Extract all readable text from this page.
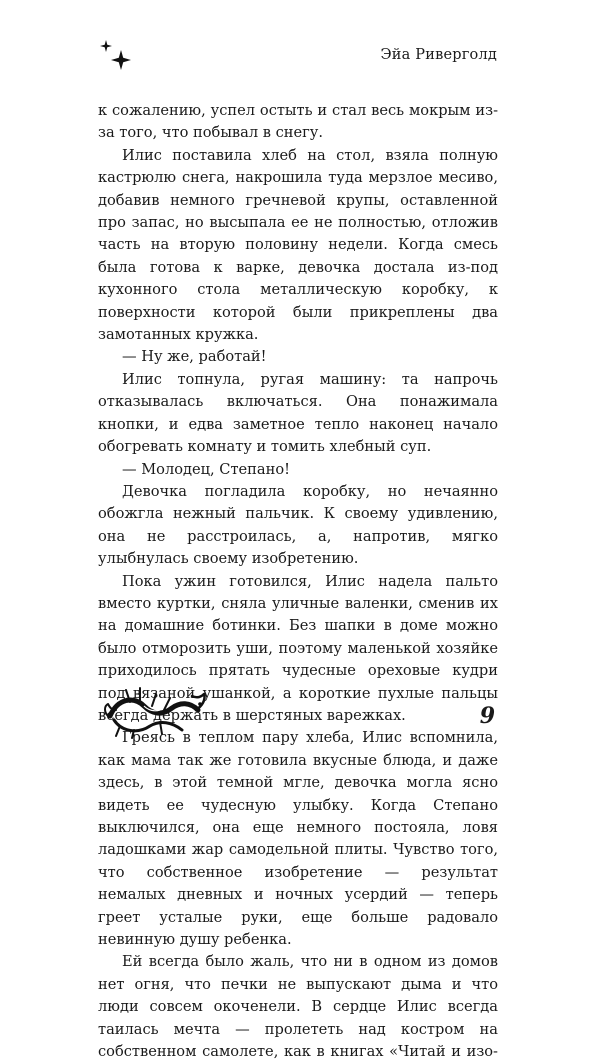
Эйа Риверголд

к сожалению, успел остыть и стал весь мокрым из-за того, что побывал в снегу.

Илис поставила хлеб на стол, взяла полную кастрюлю снега, накрошила туда мерзлое месиво, добавив немного гречневой крупы, оставленной про запас, но высыпала ее не полностью, отложив часть на вторую половину недели. Когда смесь была готова к варке, девочка достала из-под кухонного стола металлическую коробку, к поверхности которой были прикреплены два замотанных кружка.

— Ну же, работай!

Илис топнула, ругая машину: та напрочь отказывалась включаться. Она понажимала кнопки, и едва заметное тепло наконец начало обогревать комнату и томить хлебный суп.

— Молодец, Степано!

Девочка погладила коробку, но нечаянно обожгла нежный пальчик. К своему удивлению, она не расстроилась, а, напротив, мягко улыбнулась своему изобретению.

Пока ужин готовился, Илис надела пальто вместо куртки, сняла уличные валенки, сменив их на домашние ботинки. Без шапки в доме можно было отморозить уши, поэтому маленькой хозяйке приходилось прятать чудесные ореховые кудри под вязаной ушанкой, а короткие пухлые пальцы всегда держать в шерстяных варежках.

Греясь в теплом пару хлеба, Илис вспомнила, как мама так же готовила вкусные блюда, и даже здесь, в этой темной мгле, девочка могла ясно видеть ее чудесную улыбку. Когда Степано выключился, она еще немного постояла, ловя ладошками жар самодельной плиты. Чувство того, что собственное изобретение — результат немалых дневных и ночных усердий — теперь греет усталые руки, еще больше радовало невинную душу ребенка.

Ей всегда было жаль, что ни в одном из домов нет огня, что печки не выпускают дыма и что люди совсем окоченели. В сердце Илис всегда таилась мечта — пролететь над костром на собственном самолете, как в книгах «Читай и изо-

9
